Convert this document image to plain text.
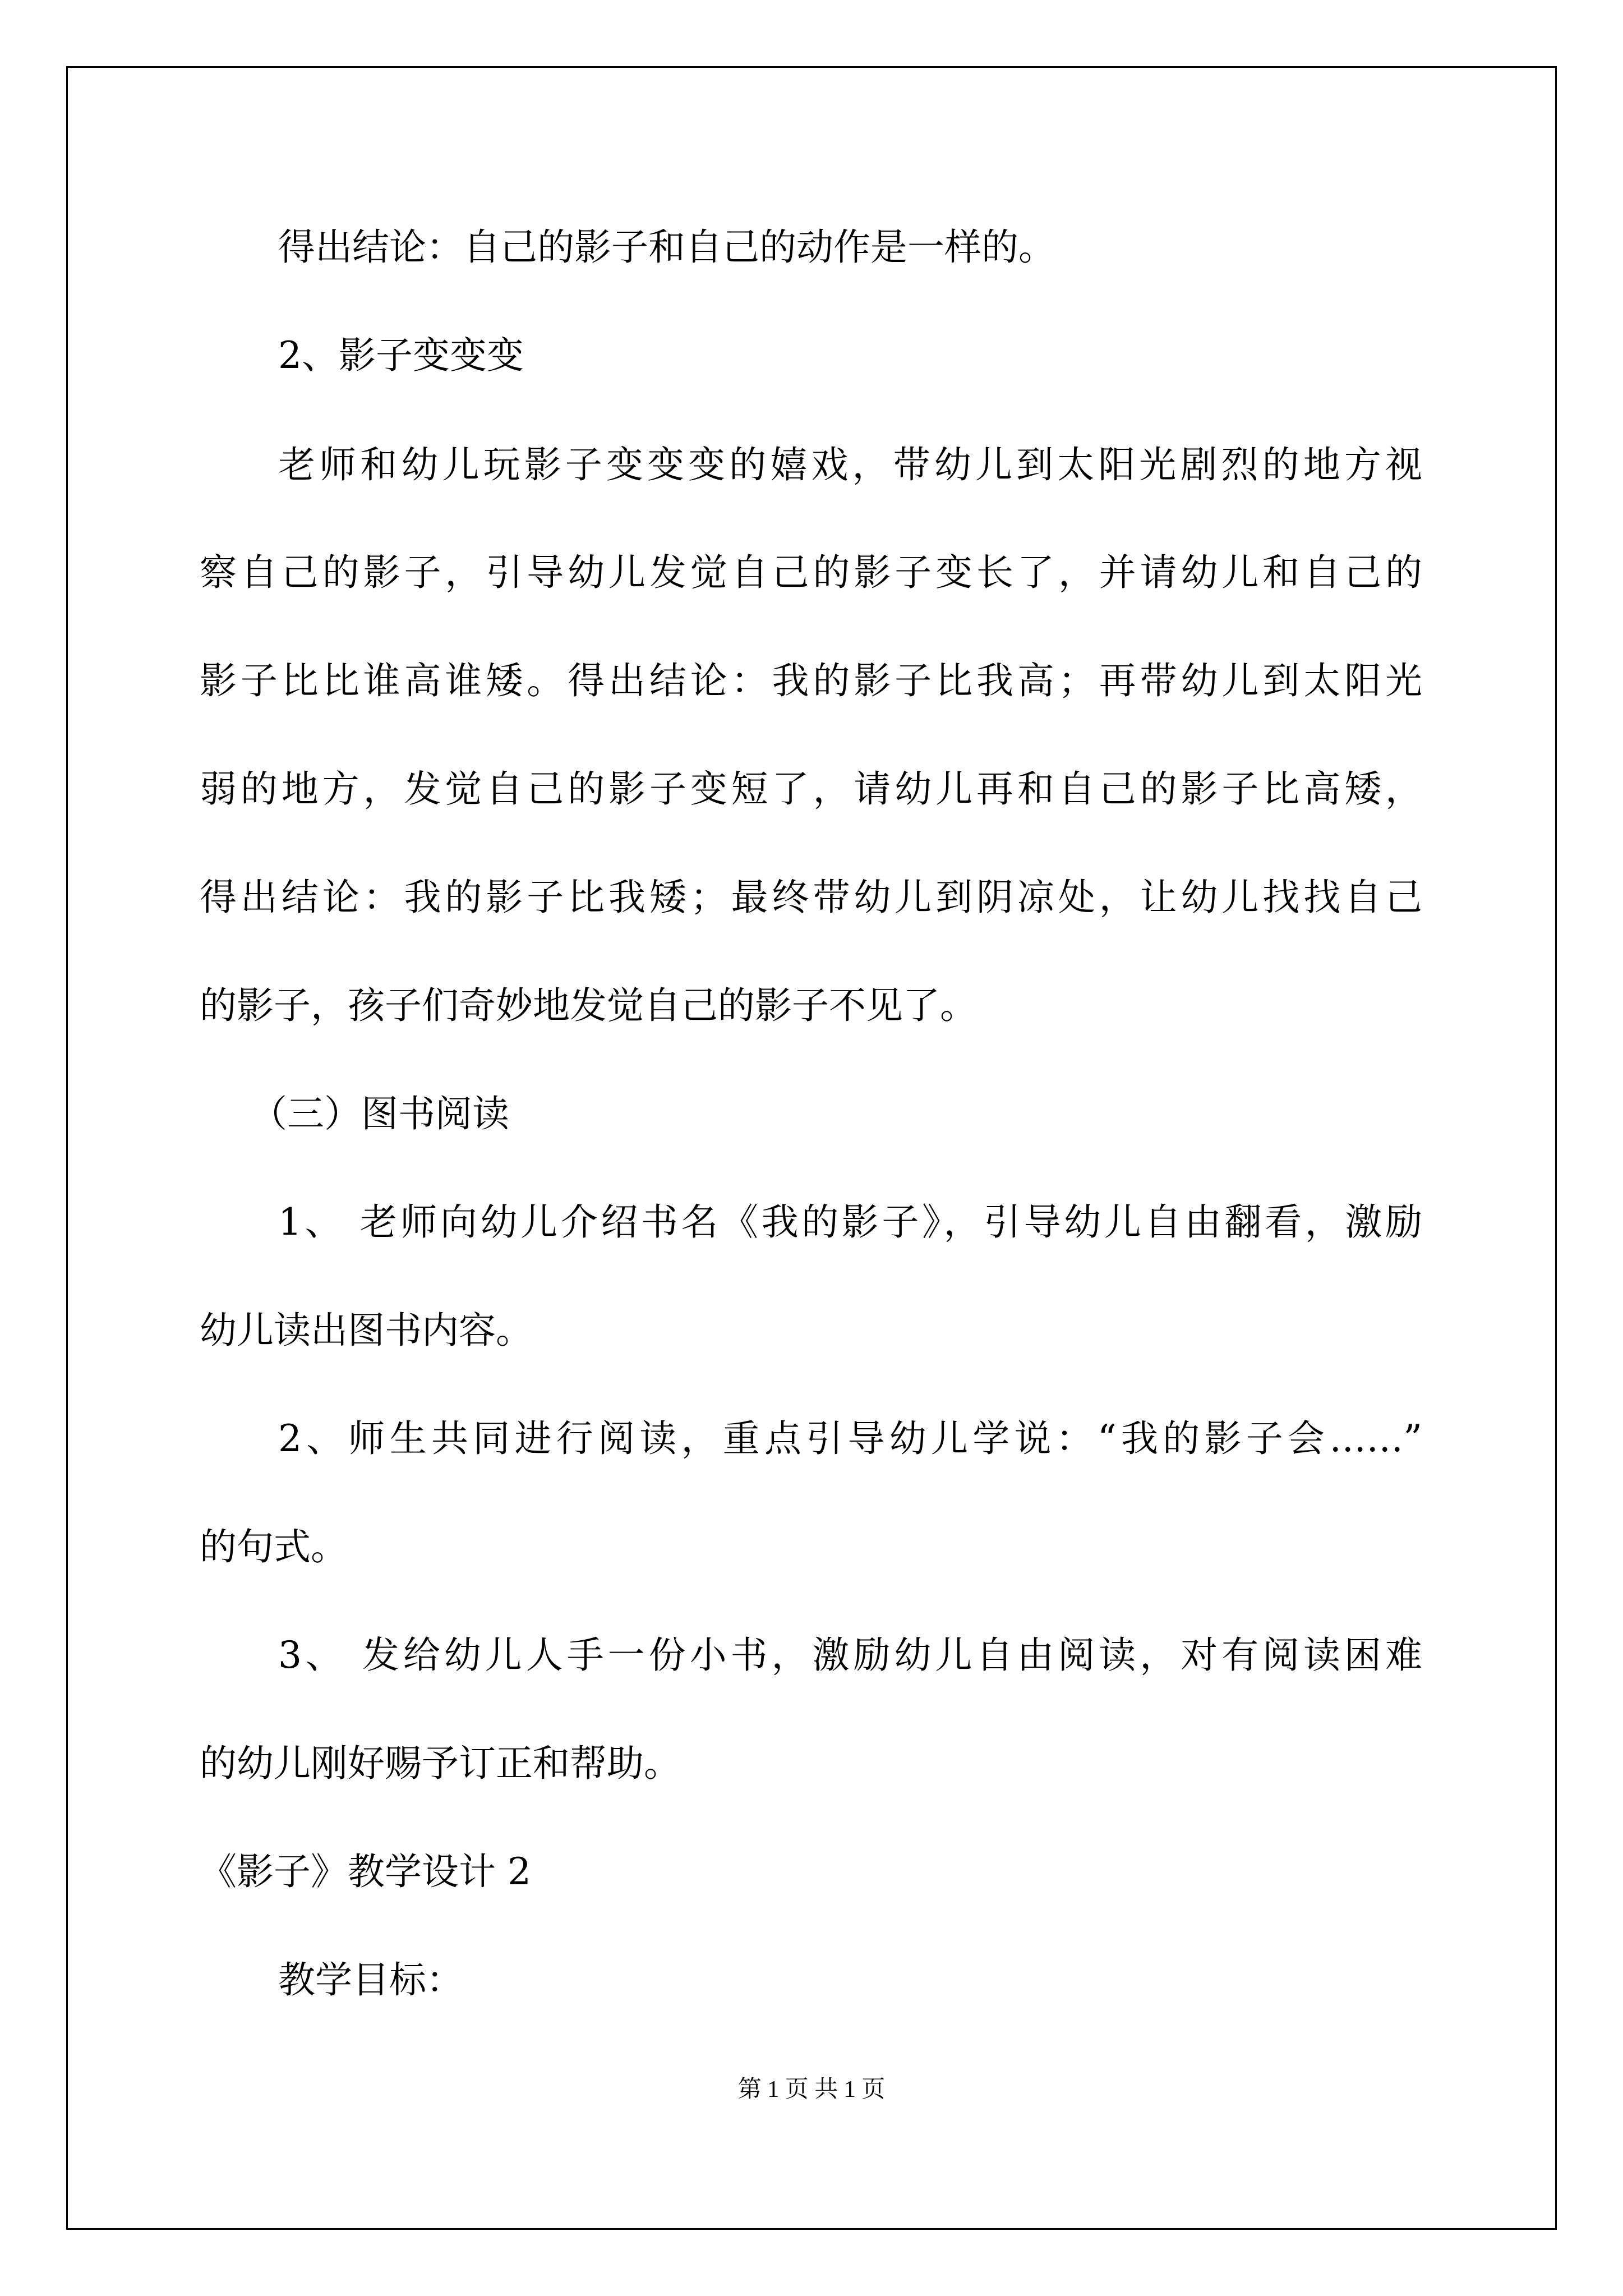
得出结论：自己的影子和自己的动作是一样的。

2、影子变变变

老师和幼儿玩影子变变变的嬉戏，带幼儿到太阳光剧烈的地方视

察自己的影子，引导幼儿发觉自己的影子变长了，并请幼儿和自己的

影子比比谁高谁矮。得出结论：我的影子比我高；再带幼儿到太阳光

弱的地方，发觉自己的影子变短了，请幼儿再和自己的影子比高矮，

得出结论：我的影子比我矮；最终带幼儿到阴凉处，让幼儿找找自己

的影子，孩子们奇妙地发觉自己的影子不见了。

（三）图书阅读

1、 老师向幼儿介绍书名《我的影子》，引导幼儿自由翻看，激励

幼儿读出图书内容。

2、师生共同进行阅读，重点引导幼儿学说：“我的影子会……”

的句式。

3、 发给幼儿人手一份小书，激励幼儿自由阅读，对有阅读困难

的幼儿刚好赐予订正和帮助。

《影子》教学设计 2

教学目标：

第 1 页 共 1 页
